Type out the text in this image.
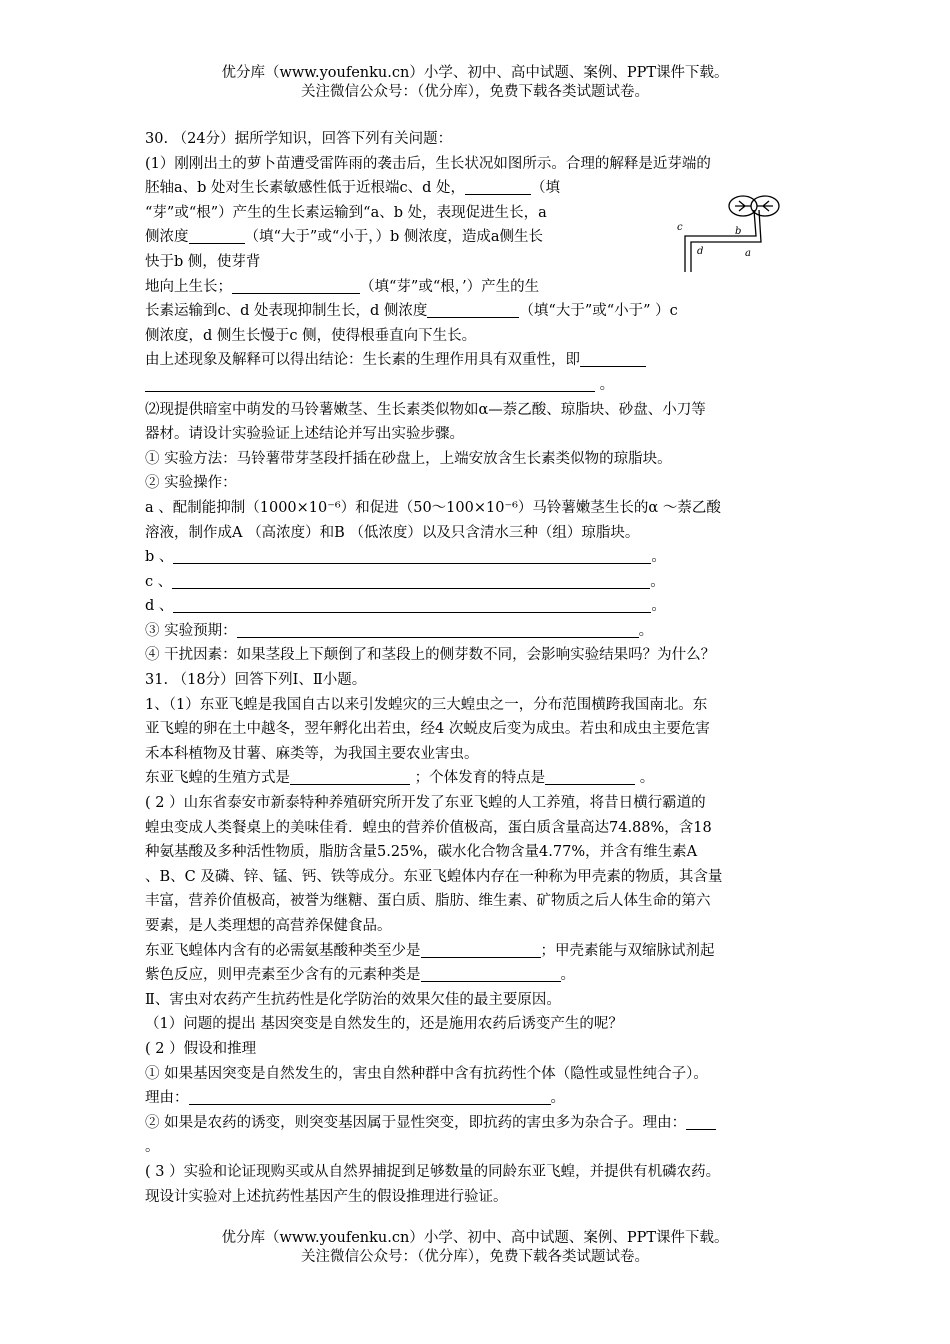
优分库（www.youfenku.cn）小学、初中、高中试题、案例、PPT课件下载。
关注微信公众号：（优分库），免费下载各类试题试卷。
c	b
d	a

30. （24分）据所学知识，回答下列有关问题：

(1）刚刚出土的萝卜苗遭受雷阵雨的袭击后，生长状况如图所示。合理的解释是近芽端的

胚轴a、b 处对生长素敏感性低于近根端c、d 处，	（填

“芽”或“根”）产生的生长素运输到“a、b 处，表现促进生长，a

侧浓度	（填“大于”或“小于，）b 侧浓度，造成a侧生长

快于b 侧，使芽背

地向上生长；	（填“芽”或“根，’）产生的生

长素运输到c、d 处表现抑制生长，d 侧浓度	（填“大于”或“小于” ）c

侧浓度，d 侧生长慢于c 侧，使得根垂直向下生长。

由上述现象及解释可以得出结论：生长素的生理作用具有双重性，即

。

⑵现提供暗室中萌发的马铃薯嫩茎、生长素类似物如α—萘乙酸、琼脂块、砂盘、小刀等

器材。请设计实验验证上述结论并写出实验步骤。

① 实验方法：马铃薯带芽茎段扦插在砂盘上，上端安放含生长素类似物的琼脂块。

② 实验操作：

a 、配制能抑制（1000×10⁻⁶）和促进（50～100×10⁻⁶）马铃薯嫩茎生长的α ～萘乙酸

溶液，制作成A （高浓度）和B （低浓度）以及只含清水三种（组）琼脂块。

b 、	。

c 、	。

d 、	。

③ 实验预期：	。

④ 干扰因素：如果茎段上下颠倒了和茎段上的侧芽数不同，会影响实验结果吗？为什么？

31. （18分）回答下列Ⅰ、Ⅱ小题。

1、（1）东亚飞蝗是我国自古以来引发蝗灾的三大蝗虫之一，分布范围横跨我国南北。东

亚飞蝗的卵在土中越冬，翌年孵化出若虫，经4 次蜕皮后变为成虫。若虫和成虫主要危害

禾本科植物及甘薯、麻类等，为我国主要农业害虫。

东亚飞蝗的生殖方式是	；个体发育的特点是	。

( 2 ）山东省泰安市新泰特种养殖研究所开发了东亚飞蝗的人工养殖，将昔日横行霸道的

蝗虫变成人类餐桌上的美味佳肴．蝗虫的营养价值极高，蛋白质含量高达74.88%，含18

种氨基酸及多种活性物质，脂肪含量5.25%，碳水化合物含量4.77%，并含有维生素A

、B、C 及磷、锌、锰、钙、铁等成分。东亚飞蝗体内存在一种称为甲壳素的物质，其含量

丰富，营养价值极高，被誉为继糖、蛋白质、脂肪、维生素、矿物质之后人体生命的第六

要素，是人类理想的高营养保健食品。

东亚飞蝗体内含有的必需氨基酸种类至少是	；甲壳素能与双缩脉试剂起

紫色反应，则甲壳素至少含有的元素种类是	。

Ⅱ、害虫对农药产生抗药性是化学防治的效果欠佳的最主要原因。

（1）问题的提出 基因突变是自然发生的，还是施用农药后诱变产生的呢？

( 2 ）假设和推理

① 如果基因突变是自然发生的，害虫自然种群中含有抗药性个体（隐性或显性纯合子）。

理由：	。

② 如果是农药的诱变，则突变基因属于显性突变，即抗药的害虫多为杂合子。理由：

。

( 3 ）实验和论证现购买或从自然界捕捉到足够数量的同龄东亚飞蝗，并提供有机磷农药。

现设计实验对上述抗药性基因产生的假设推理进行验证。

优分库（www.youfenku.cn）小学、初中、高中试题、案例、PPT课件下载。
关注微信公众号：（优分库），免费下载各类试题试卷。
